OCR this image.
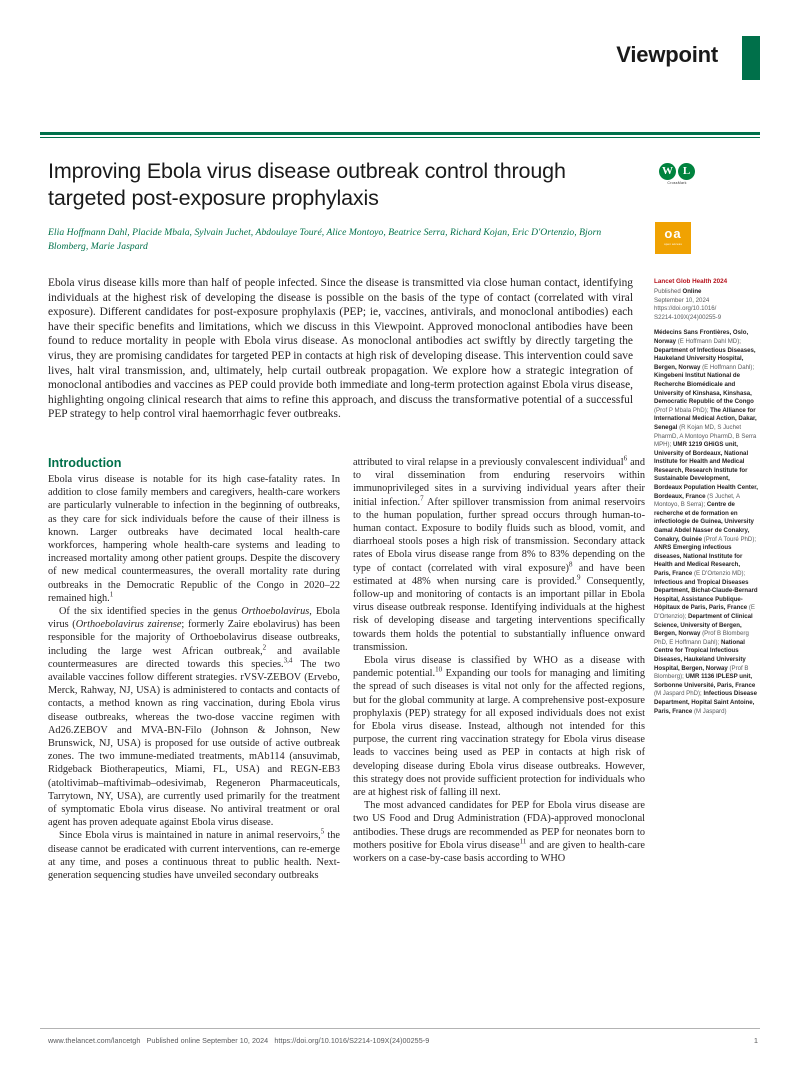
Viewpoint
Improving Ebola virus disease outbreak control through targeted post-exposure prophylaxis
Elia Hoffmann Dahl, Placide Mbala, Sylvain Juchet, Abdoulaye Touré, Alice Montoyo, Beatrice Serra, Richard Kojan, Eric D'Ortenzio, Bjorn Blomberg, Marie Jaspard
W L
CrossMark
oa
open access
Ebola virus disease kills more than half of people infected. Since the disease is transmitted via close human contact, identifying individuals at the highest risk of developing the disease is possible on the basis of the type of contact (correlated with viral exposure). Different candidates for post-exposure prophylaxis (PEP; ie, vaccines, antivirals, and monoclonal antibodies) each have their specific benefits and limitations, which we discuss in this Viewpoint. Approved monoclonal antibodies have been found to reduce mortality in people with Ebola virus disease. As monoclonal antibodies act swiftly by directly targeting the virus, they are promising candidates for targeted PEP in contacts at high risk of developing disease. This intervention could save lives, halt viral transmission, and, ultimately, help curtail outbreak propagation. We explore how a strategic integration of monoclonal antibodies and vaccines as PEP could provide both immediate and long-term protection against Ebola virus disease, highlighting ongoing clinical research that aims to refine this approach, and discuss the transformative potential of a successful PEP strategy to help control viral haemorrhagic fever outbreaks.
Introduction

Ebola virus disease is notable for its high case-fatality rates. In addition to close family members and caregivers, health-care workers are particularly vulnerable to infection in the beginning of outbreaks, as they care for sick individuals before the cause of their illness is known. Larger outbreaks have decimated local health-care workforces, hampering whole health-care systems and leading to increased mortality among other patient groups. Despite the discovery of new medical countermeasures, the overall mortality rate during outbreaks in the Democratic Republic of the Congo in 2020–22 remained high.$^1$

Of the six identified species in the genus Orthoebolavirus, Ebola virus (Orthoebolavirus zairense; formerly Zaire ebolavirus) has been responsible for the majority of Orthoebolavirus disease outbreaks, including the large west African outbreak,$^2$ and available countermeasures are directed towards this species.$^{3,4}$ The two available vaccines follow different strategies. rVSV-ZEBOV (Ervebo, Merck, Rahway, NJ, USA) is administered to contacts and contacts of contacts, a method known as ring vaccination, during Ebola virus disease outbreaks, whereas the two-dose vaccine regimen with Ad26.ZEBOV and MVA-BN-Filo (Johnson & Johnson, New Brunswick, NJ, USA) is proposed for use outside of active outbreak zones. The two immune-mediated treatments, mAb114 (ansuvimab, Ridgeback Biotherapeutics, Miami, FL, USA) and REGN-EB3 (atoltivimab–maftivimab–odesivimab, Regeneron Pharmaceuticals, Tarrytown, NY, USA), are currently used primarily for the treatment of symptomatic Ebola virus disease. No antiviral treatment or oral agent has proven adequate against Ebola virus disease.

Since Ebola virus is maintained in nature in animal reservoirs,$^5$ the disease cannot be eradicated with current interventions, can re-emerge at any time, and poses a continuous threat to public health. Next-generation sequencing studies have unveiled secondary outbreaks

attributed to viral relapse in a previously convalescent individual$^6$ and to viral dissemination from enduring reservoirs within immunoprivileged sites in a surviving individual years after their initial infection.$^7$ After spillover transmission from animal reservoirs to the human population, further spread occurs through human-to-human contact. Exposure to bodily fluids such as blood, vomit, and diarrhoeal stools poses a high risk of transmission. Secondary attack rates of Ebola virus disease range from 8% to 83% depending on the type of contact (correlated with viral exposure)$^8$ and have been estimated at 48% when nursing care is provided.$^9$ Consequently, follow-up and monitoring of contacts is an important pillar in Ebola virus disease outbreak response. Identifying individuals at the highest risk of developing disease and targeting interventions specifically towards them holds the potential to substantially influence onward transmission.

Ebola virus disease is classified by WHO as a disease with pandemic potential.$^{10}$ Expanding our tools for managing and limiting the spread of such diseases is vital not only for the affected regions, but for the global community at large. A comprehensive post-exposure prophylaxis (PEP) strategy for all exposed individuals does not exist for Ebola virus disease. Instead, although not intended for this purpose, the current ring vaccination strategy for Ebola virus disease leads to vaccines being used as PEP in contacts at high risk of developing disease during Ebola virus disease outbreaks. However, this strategy does not provide sufficient protection for individuals who are at highest risk of falling ill next.

The most advanced candidates for PEP for Ebola virus disease are two US Food and Drug Administration (FDA)-approved monoclonal antibodies. These drugs are recommended as PEP for neonates born to mothers positive for Ebola virus disease$^{11}$ and are given to health-care workers on a case-by-case basis according to WHO

Lancet Glob Health 2024
Published Online
September 10, 2024
https://doi.org/10.1016/
S2214-109X(24)00255-9
Médecins Sans Frontières, Oslo, Norway (E Hoffmann Dahl MD); Department of Infectious Diseases, Haukeland University Hospital, Bergen, Norway (E Hoffmann Dahl); Kingebeni Institut National de Recherche Biomédicale and University of Kinshasa, Kinshasa, Democratic Republic of the Congo (Prof P Mbala PhD); The Alliance for International Medical Action, Dakar, Senegal (R Kojan MD, S Juchet PharmD, A Montoyo PharmD, B Serra MPH); UMR 1219 GHiGS unit, University of Bordeaux, National Institute for Health and Medical Research, Research Institute for Sustainable Development, Bordeaux Population Health Center, Bordeaux, France (S Juchet, A Montoyo, B Serra); Centre de recherche et de formation en infectiologie de Guinea, University Gamal Abdel Nasser de Conakry, Conakry, Guinée (Prof A Touré PhD); ANRS Emerging infectious diseases, National Institute for Health and Medical Research, Paris, France (E D'Ortenzio MD); Infectious and Tropical Diseases Department, Bichat-Claude-Bernard Hospital, Assistance Publique-Hôpitaux de Paris, Paris, France (E D'Ortenzio); Department of Clinical Science, University of Bergen, Bergen, Norway (Prof B Blomberg PhD, E Hoffmann Dahl); National Centre for Tropical Infectious Diseases, Haukeland University Hospital, Bergen, Norway (Prof B Blomberg); UMR 1136 IPLESP unit, Sorbonne Université, Paris, France (M Jaspard PhD); Infectious Disease Department, Hopital Saint Antoine, Paris, France (M Jaspard)
www.thelancet.com/lancetgh Published online September 10, 2024 https://doi.org/10.1016/S2214-109X(24)00255-9	1
